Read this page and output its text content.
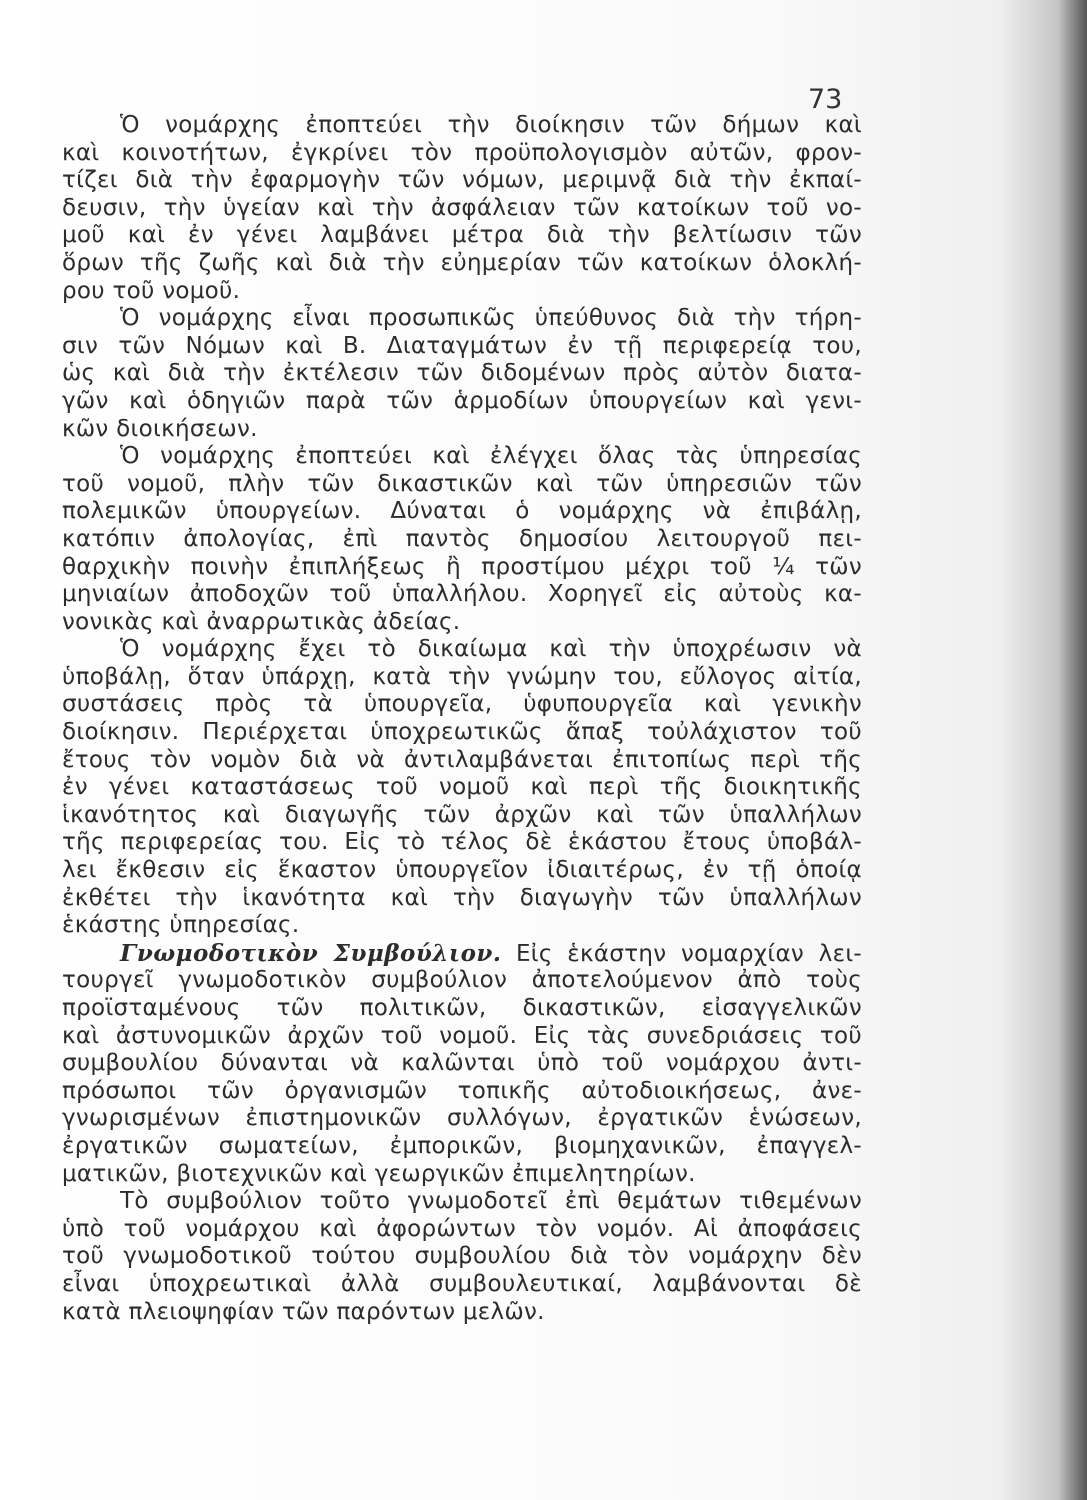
73
Ὁ νομάρχης ἐποπτεύει τὴν διοίκησιν τῶν δήμων καὶ
καὶ κοινοτήτων, ἐγκρίνει τὸν προϋπολογισμὸν αὐτῶν, φρον-
τίζει διὰ τὴν ἐφαρμογὴν τῶν νόμων, μεριμνᾷ διὰ τὴν ἐκπαί-
δευσιν, τὴν ὑγείαν καὶ τὴν ἀσφάλειαν τῶν κατοίκων τοῦ νο-
μοῦ καὶ ἐν γένει λαμβάνει μέτρα διὰ τὴν βελτίωσιν τῶν
ὅρων τῆς ζωῆς καὶ διὰ τὴν εὐημερίαν τῶν κατοίκων ὁλοκλή-
ρου τοῦ νομοῦ.
Ὁ νομάρχης εἶναι προσωπικῶς ὑπεύθυνος διὰ τὴν τήρη-
σιν τῶν Νόμων καὶ Β. Διαταγμάτων ἐν τῇ περιφερείᾳ του,
ὡς καὶ διὰ τὴν ἐκτέλεσιν τῶν διδομένων πρὸς αὐτὸν διατα-
γῶν καὶ ὁδηγιῶν παρὰ τῶν ἁρμοδίων ὑπουργείων καὶ γενι-
κῶν διοικήσεων.
Ὁ νομάρχης ἐποπτεύει καὶ ἐλέγχει ὅλας τὰς ὑπηρεσίας
τοῦ νομοῦ, πλὴν τῶν δικαστικῶν καὶ τῶν ὑπηρεσιῶν τῶν
πολεμικῶν ὑπουργείων. Δύναται ὁ νομάρχης νὰ ἐπιβάλῃ,
κατόπιν ἀπολογίας, ἐπὶ παντὸς δημοσίου λειτουργοῦ πει-
θαρχικὴν ποινὴν ἐπιπλήξεως ἢ προστίμου μέχρι τοῦ ¼ τῶν
μηνιαίων ἀποδοχῶν τοῦ ὑπαλλήλου. Χορηγεῖ εἰς αὐτοὺς κα-
νονικὰς καὶ ἀναρρωτικὰς ἀδείας.
Ὁ νομάρχης ἔχει τὸ δικαίωμα καὶ τὴν ὑποχρέωσιν νὰ
ὑποβάλῃ, ὅταν ὑπάρχῃ, κατὰ τὴν γνώμην του, εὔλογος αἰτία,
συστάσεις πρὸς τὰ ὑπουργεῖα, ὑφυπουργεῖα καὶ γενικὴν
διοίκησιν. Περιέρχεται ὑποχρεωτικῶς ἅπαξ τοὐλάχιστον τοῦ
ἔτους τὸν νομὸν διὰ νὰ ἀντιλαμβάνεται ἐπιτοπίως περὶ τῆς
ἐν γένει καταστάσεως τοῦ νομοῦ καὶ περὶ τῆς διοικητικῆς
ἱκανότητος καὶ διαγωγῆς τῶν ἀρχῶν καὶ τῶν ὑπαλλήλων
τῆς περιφερείας του. Εἰς τὸ τέλος δὲ ἑκάστου ἔτους ὑποβάλ-
λει ἔκθεσιν εἰς ἕκαστον ὑπουργεῖον ἰδιαιτέρως, ἐν τῇ ὁποίᾳ
ἐκθέτει τὴν ἱκανότητα καὶ τὴν διαγωγὴν τῶν ὑπαλλήλων
ἑκάστης ὑπηρεσίας.
Γνωμοδοτικὸν Συμβούλιον. Εἰς ἑκάστην νομαρχίαν λει-
τουργεῖ γνωμοδοτικὸν συμβούλιον ἀποτελούμενον ἀπὸ τοὺς
προϊσταμένους τῶν πολιτικῶν, δικαστικῶν, εἰσαγγελικῶν
καὶ ἀστυνομικῶν ἀρχῶν τοῦ νομοῦ. Εἰς τὰς συνεδριάσεις τοῦ
συμβουλίου δύνανται νὰ καλῶνται ὑπὸ τοῦ νομάρχου ἀντι-
πρόσωποι τῶν ὀργανισμῶν τοπικῆς αὐτοδιοικήσεως, ἀνε-
γνωρισμένων ἐπιστημονικῶν συλλόγων, ἐργατικῶν ἑνώσεων,
ἐργατικῶν σωματείων, ἐμπορικῶν, βιομηχανικῶν, ἐπαγγελ-
ματικῶν, βιοτεχνικῶν καὶ γεωργικῶν ἐπιμελητηρίων.
Τὸ συμβούλιον τοῦτο γνωμοδοτεῖ ἐπὶ θεμάτων τιθεμένων
ὑπὸ τοῦ νομάρχου καὶ ἀφορώντων τὸν νομόν. Αἱ ἀποφάσεις
τοῦ γνωμοδοτικοῦ τούτου συμβουλίου διὰ τὸν νομάρχην δὲν
εἶναι ὑποχρεωτικαὶ ἀλλὰ συμβουλευτικαί, λαμβάνονται δὲ
κατὰ πλειοψηφίαν τῶν παρόντων μελῶν.
